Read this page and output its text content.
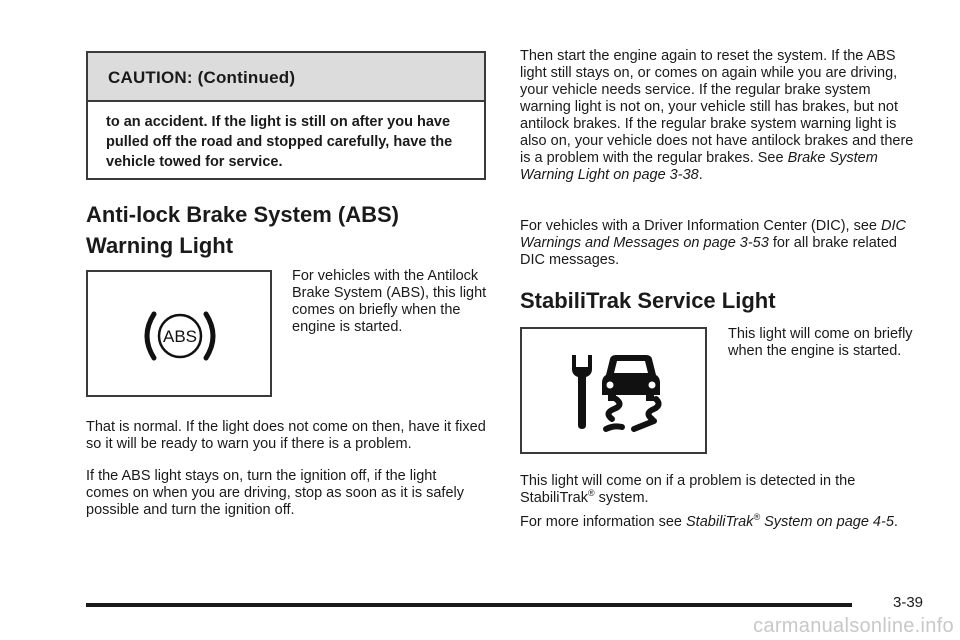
CAUTION: (Continued)
to an accident. If the light is still on after you have pulled off the road and stopped carefully, have the vehicle towed for service.
Anti-lock Brake System (ABS)
Warning Light
ABS

For vehicles with the Antilock Brake System (ABS), this light comes on briefly when the engine is started.

That is normal. If the light does not come on then, have it fixed so it will be ready to warn you if there is a problem.

If the ABS light stays on, turn the ignition off, if the light comes on when you are driving, stop as soon as it is safely possible and turn the ignition off.

Then start the engine again to reset the system. If the ABS light still stays on, or comes on again while you are driving, your vehicle needs service. If the regular brake system warning light is not on, your vehicle still has brakes, but not antilock brakes. If the regular brake system warning light is also on, your vehicle does not have antilock brakes and there is a problem with the regular brakes. See Brake System Warning Light on page 3-38.

For vehicles with a Driver Information Center (DIC), see DIC Warnings and Messages on page 3-53 for all brake related DIC messages.

StabiliTrak Service Light

This light will come on briefly when the engine is started.

This light will come on if a problem is detected in the StabiliTrak® system.

For more information see StabiliTrak® System on page 4-5.

3-39
carmanualsonline.info
